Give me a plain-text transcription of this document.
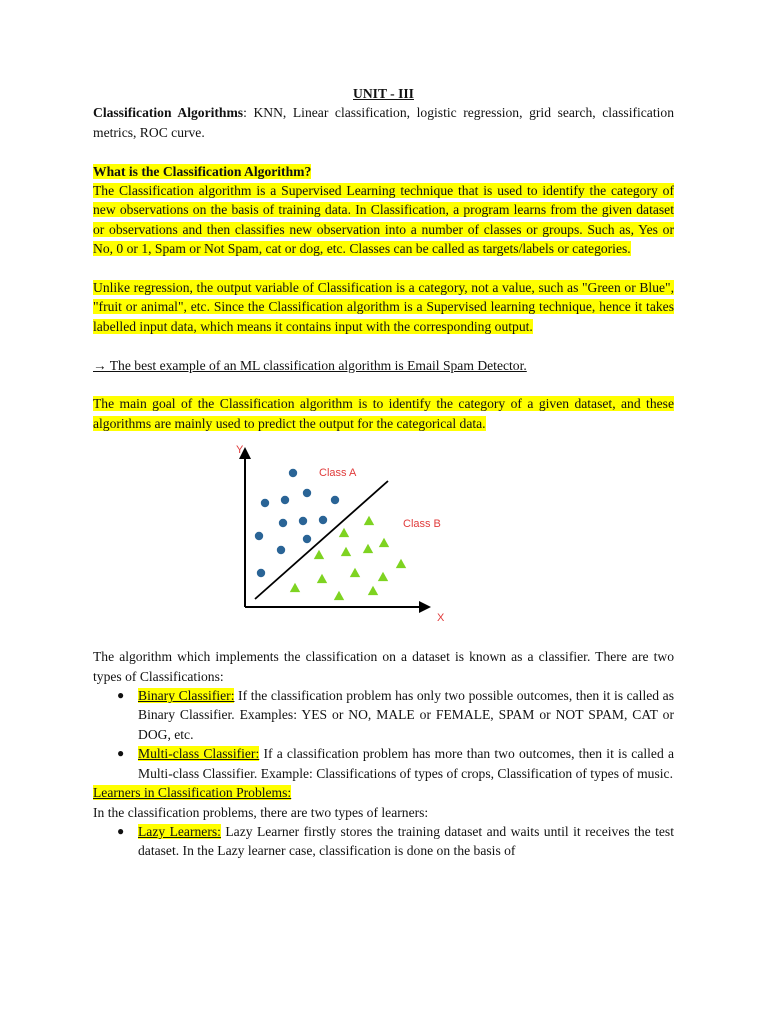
UNIT - III

Classification Algorithms: KNN, Linear classification, logistic regression, grid search, classification metrics, ROC curve.

What is the Classification Algorithm?

The Classification algorithm is a Supervised Learning technique that is used to identify the category of new observations on the basis of training data. In Classification, a program learns from the given dataset or observations and then classifies new observation into a number of classes or groups. Such as, Yes or No, 0 or 1, Spam or Not Spam, cat or dog, etc. Classes can be called as targets/labels or categories.

Unlike regression, the output variable of Classification is a category, not a value, such as "Green or Blue", "fruit or animal", etc. Since the Classification algorithm is a Supervised learning technique, hence it takes labelled input data, which means it contains input with the corresponding output.

→ The best example of an ML classification algorithm is Email Spam Detector.

The main goal of the Classification algorithm is to identify the category of a given dataset, and these algorithms are mainly used to predict the output for the categorical data.

Y
X
Class A
Class B

The algorithm which implements the classification on a dataset is known as a classifier. There are two types of Classifications:

● Binary Classifier: If the classification problem has only two possible outcomes, then it is called as Binary Classifier. Examples: YES or NO, MALE or FEMALE, SPAM or NOT SPAM, CAT or DOG, etc.
● Multi-class Classifier: If a classification problem has more than two outcomes, then it is called a Multi-class Classifier. Example: Classifications of types of crops, Classification of types of music.

Learners in Classification Problems:

In the classification problems, there are two types of learners:

● Lazy Learners: Lazy Learner firstly stores the training dataset and waits until it receives the test dataset. In the Lazy learner case, classification is done on the basis of
